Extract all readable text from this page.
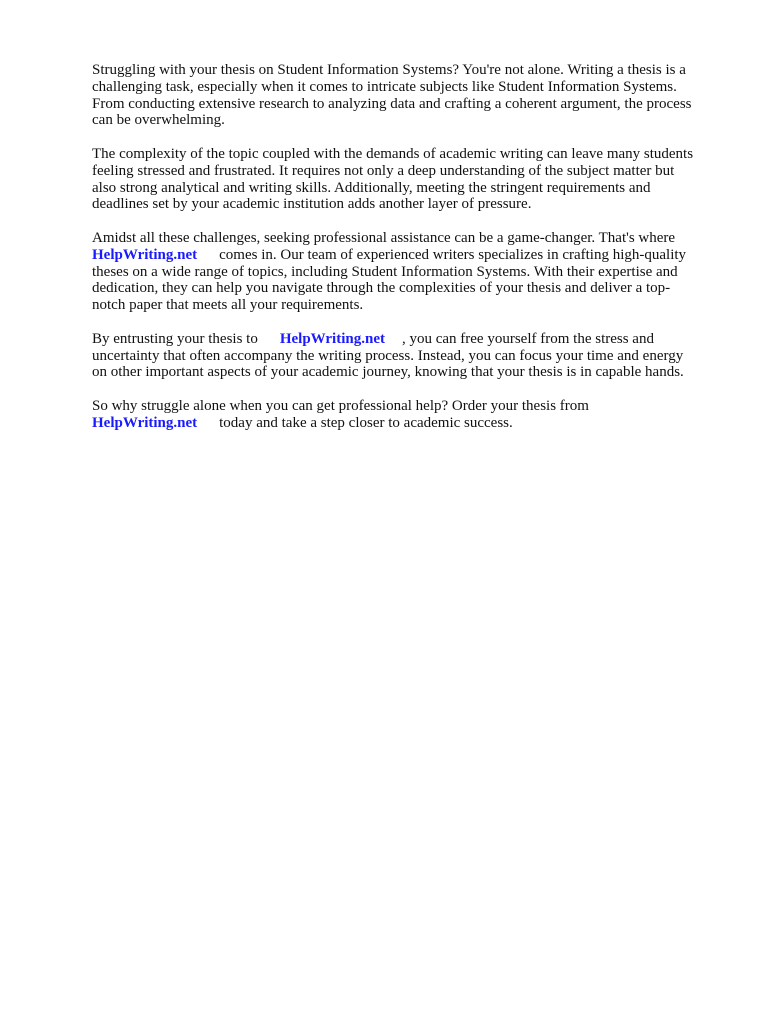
Struggling with your thesis on Student Information Systems? You're not alone. Writing a thesis is a
challenging task, especially when it comes to intricate subjects like Student Information Systems.
From conducting extensive research to analyzing data and crafting a coherent argument, the process
can be overwhelming.

The complexity of the topic coupled with the demands of academic writing can leave many students
feeling stressed and frustrated. It requires not only a deep understanding of the subject matter but
also strong analytical and writing skills. Additionally, meeting the stringent requirements and
deadlines set by your academic institution adds another layer of pressure.

Amidst all these challenges, seeking professional assistance can be a game-changer. That's where
HelpWriting.net comes in. Our team of experienced writers specializes in crafting high-quality
theses on a wide range of topics, including Student Information Systems. With their expertise and
dedication, they can help you navigate through the complexities of your thesis and deliver a top-
notch paper that meets all your requirements.

By entrusting your thesis to HelpWriting.net , you can free yourself from the stress and
uncertainty that often accompany the writing process. Instead, you can focus your time and energy
on other important aspects of your academic journey, knowing that your thesis is in capable hands.

So why struggle alone when you can get professional help? Order your thesis from
HelpWriting.net today and take a step closer to academic success.
